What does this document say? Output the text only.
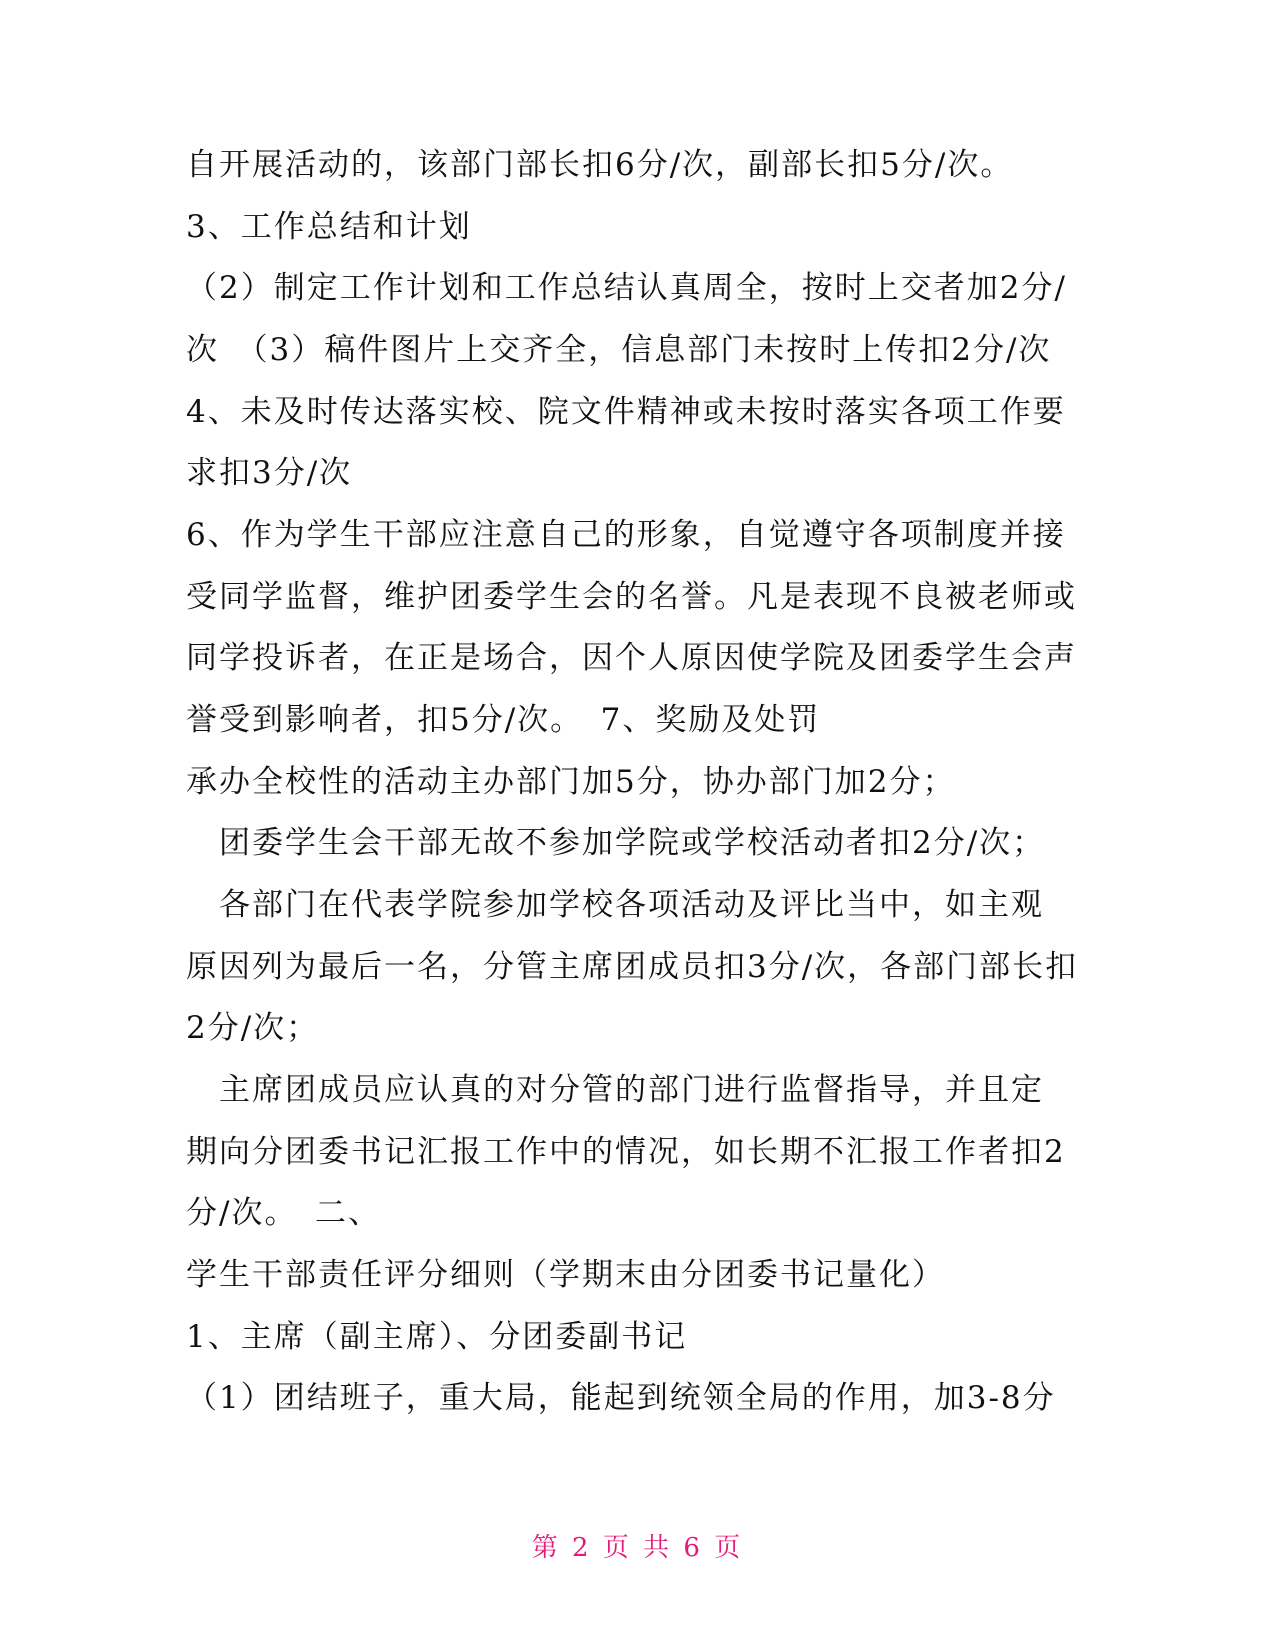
自开展活动的，该部门部长扣6分/次，副部长扣5分/次。
3、工作总结和计划
（2）制定工作计划和工作总结认真周全，按时上交者加2分/
次　（3）稿件图片上交齐全，信息部门未按时上传扣2分/次
4、未及时传达落实校、院文件精神或未按时落实各项工作要
求扣3分/次
6、作为学生干部应注意自己的形象，自觉遵守各项制度并接
受同学监督，维护团委学生会的名誉。凡是表现不良被老师或
同学投诉者，在正是场合，因个人原因使学院及团委学生会声
誉受到影响者，扣5分/次。　7、奖励及处罚
承办全校性的活动主办部门加5分，协办部门加2分；
　团委学生会干部无故不参加学院或学校活动者扣2分/次；
　各部门在代表学院参加学校各项活动及评比当中，如主观
原因列为最后一名，分管主席团成员扣3分/次，各部门部长扣
2分/次；
　主席团成员应认真的对分管的部门进行监督指导，并且定
期向分团委书记汇报工作中的情况，如长期不汇报工作者扣2
分/次。　二、
学生干部责任评分细则（学期末由分团委书记量化）
1、主席（副主席）、分团委副书记
（1）团结班子，重大局，能起到统领全局的作用，加3-8分
第 2 页 共 6 页
